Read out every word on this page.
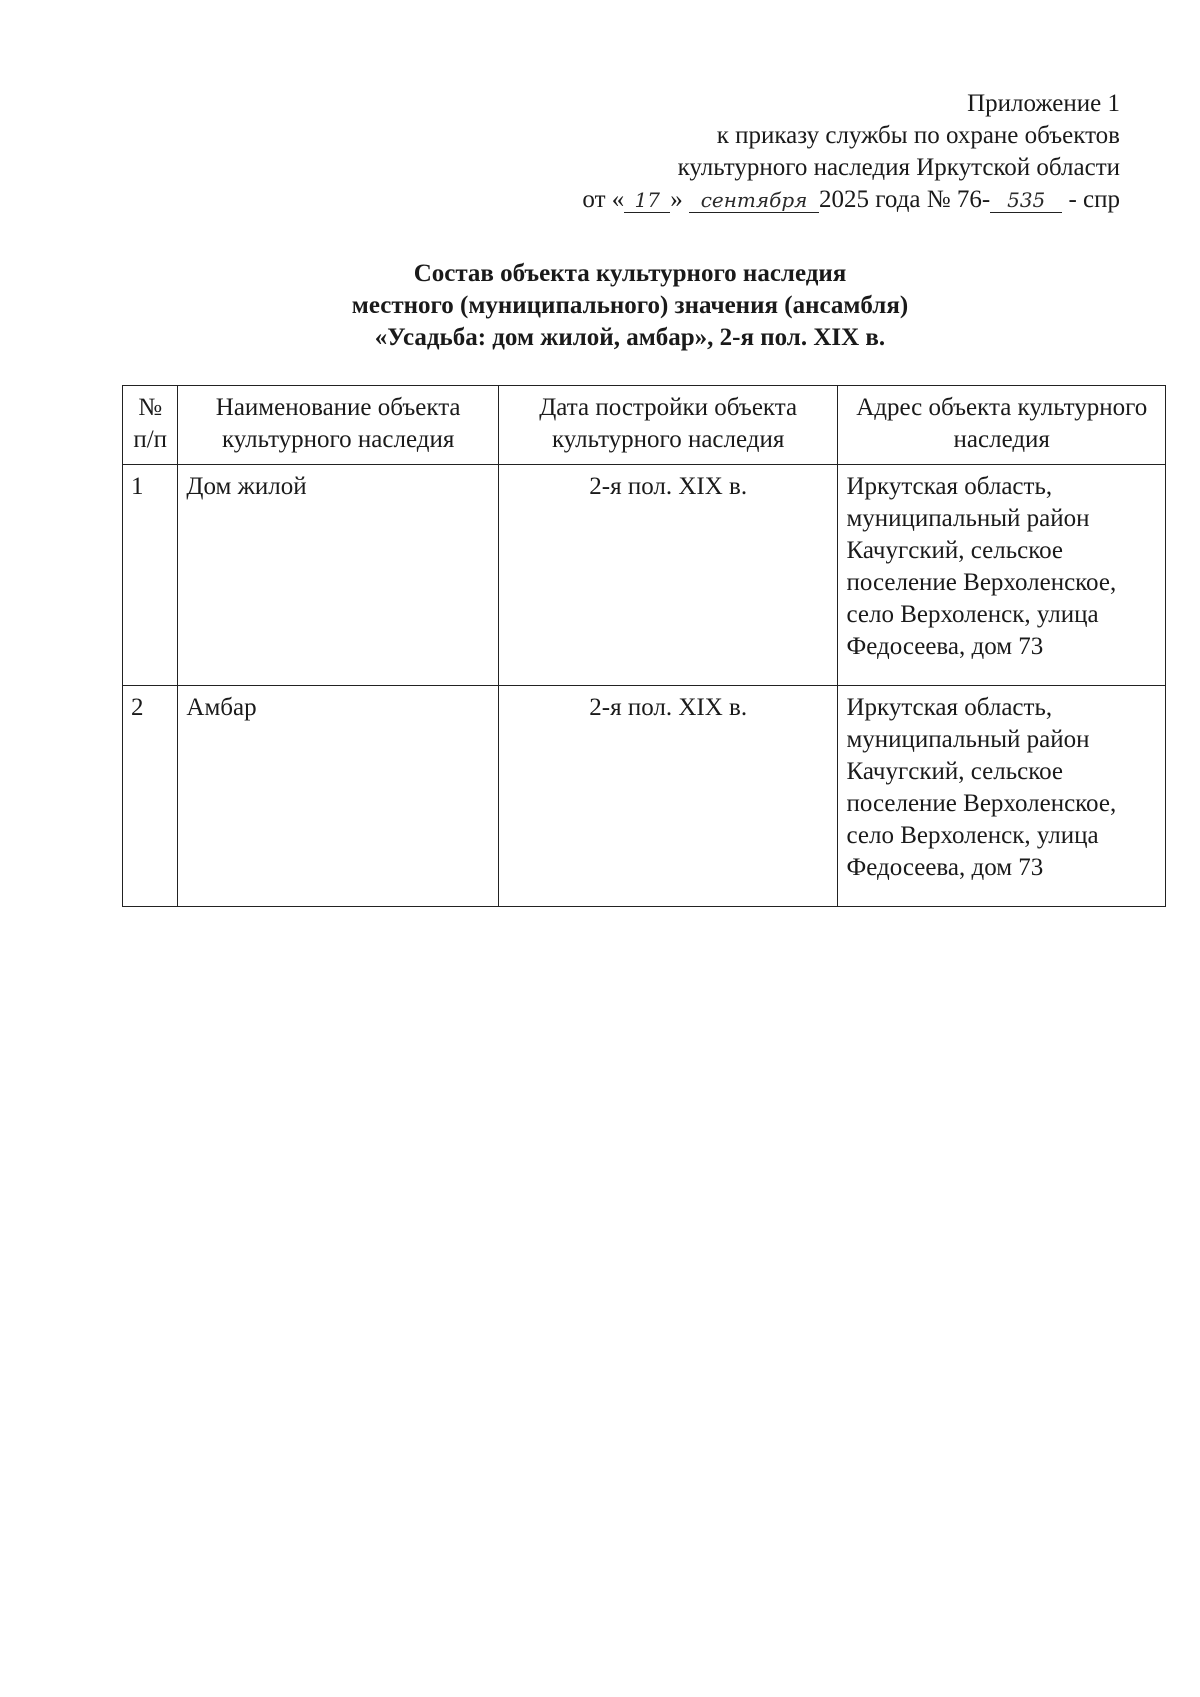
Приложение 1
к приказу службы по охране объектов
культурного наследия Иркутской области
от « 17 » сентября 2025 года № 76- 535 - спр
Состав объекта культурного наследия
местного (муниципального) значения (ансамбля)
«Усадьба: дом жилой, амбар», 2-я пол. XIX в.
№ п/п	Наименование объекта культурного наследия	Дата постройки объекта культурного наследия	Адрес объекта культурного наследия
1	Дом жилой	2-я пол. XIX в.	Иркутская область, муниципальный район Качугский, сельское поселение Верхоленское, село Верхоленск, улица Федосеева, дом 73
2	Амбар	2-я пол. XIX в.	Иркутская область, муниципальный район Качугский, сельское поселение Верхоленское, село Верхоленск, улица Федосеева, дом 73
